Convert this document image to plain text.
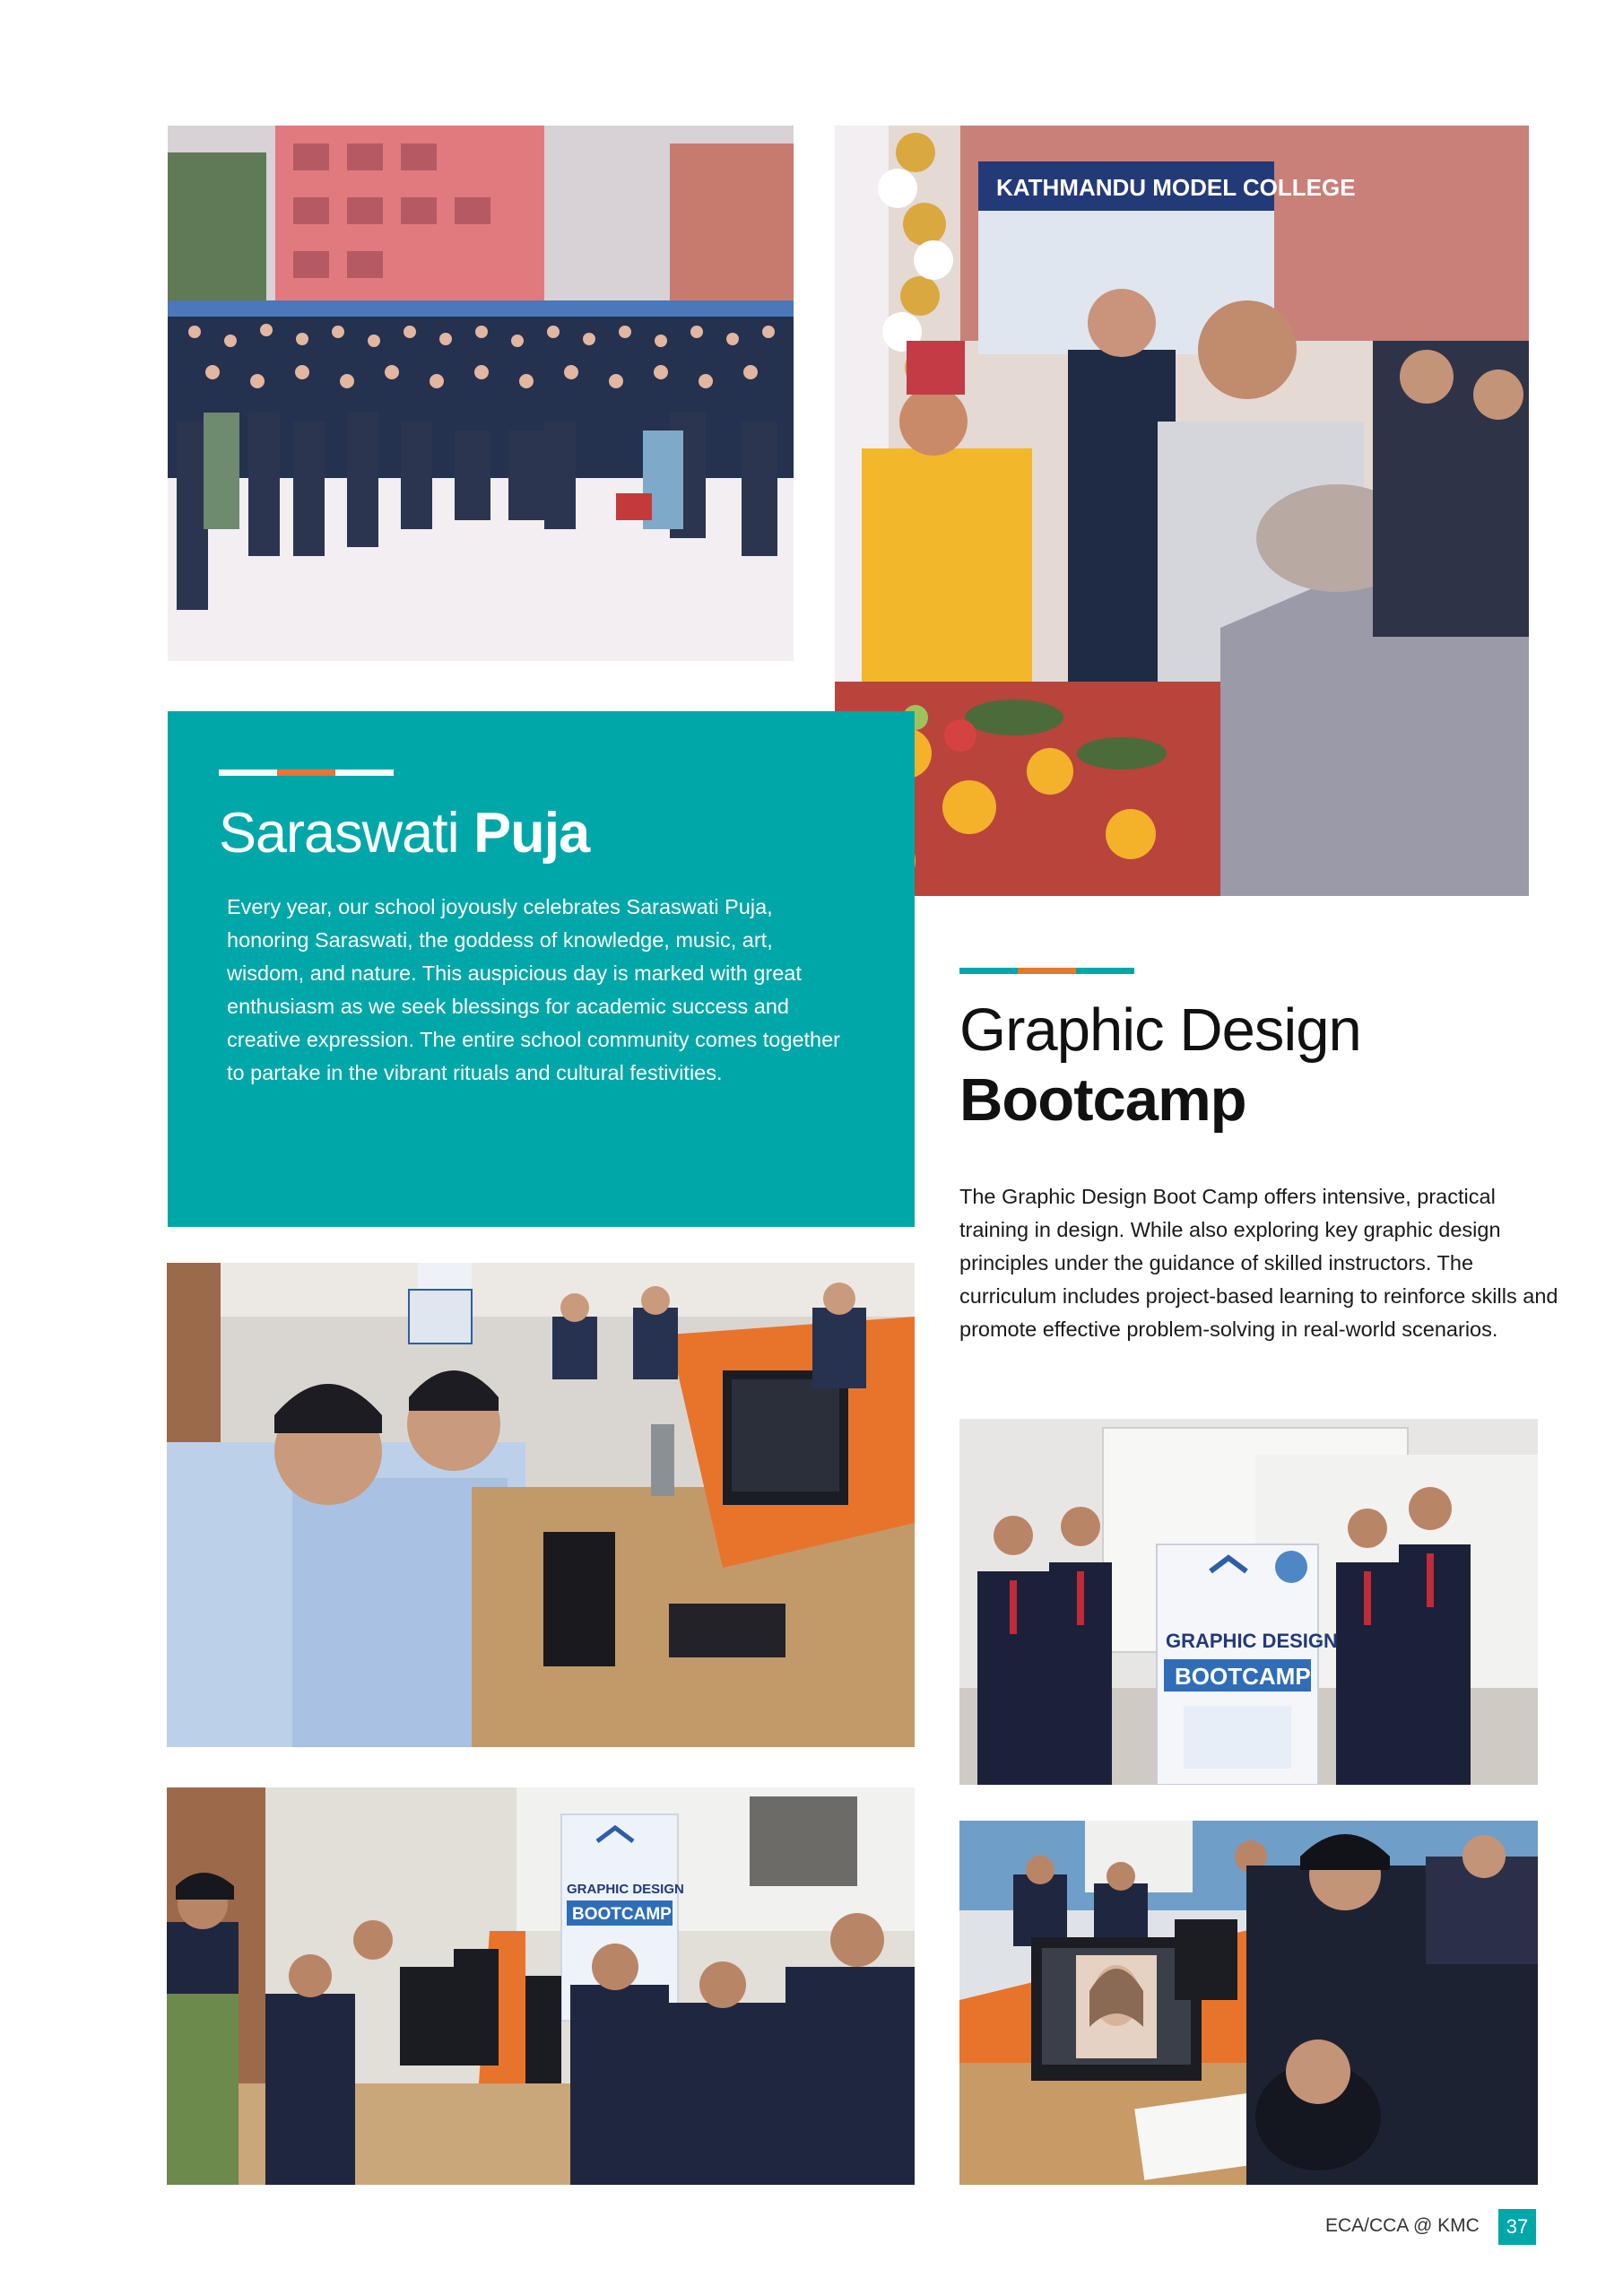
KATHMANDU MODEL COLLEGE
Saraswati Puja
Every year, our school joyously celebrates Saraswati Puja, honoring Saraswati, the goddess of knowledge, music, art, wisdom, and nature. This auspicious day is marked with great enthusiasm as we seek blessings for academic success and creative expression. The entire school community comes together to partake in the vibrant rituals and cultural festivities.
Graphic Design
Bootcamp
The Graphic Design Boot Camp offers intensive, practical training in design. While also exploring key graphic design principles under the guidance of skilled instructors. The curriculum includes project-based learning to reinforce skills and promote effective problem-solving in real-world scenarios.
GRAPHIC DESIGN
BOOTCAMP
GRAPHIC DESIGN
BOOTCAMP
ECA/CCA @ KMC	37
